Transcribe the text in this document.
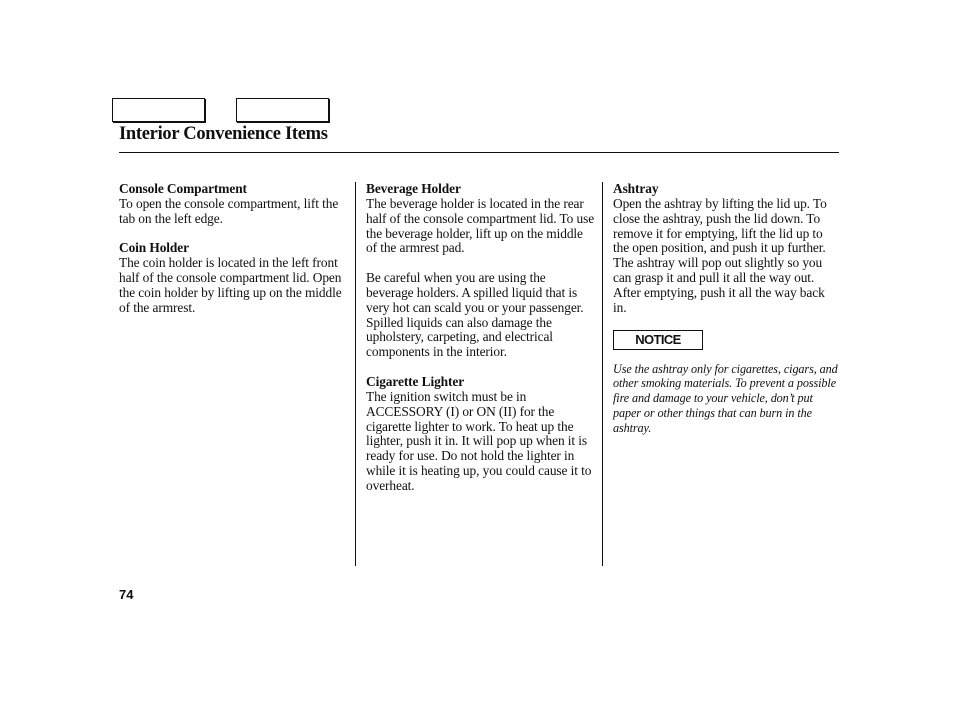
Interior Convenience Items
Console Compartment
To open the console compartment, lift the tab on the left edge.
Coin Holder
The coin holder is located in the left front half of the console compartment lid. Open the coin holder by lifting up on the middle of the armrest.
Beverage Holder
The beverage holder is located in the rear half of the console compartment lid. To use the beverage holder, lift up on the middle of the armrest pad.
Be careful when you are using the beverage holders. A spilled liquid that is very hot can scald you or your passenger. Spilled liquids can also damage the upholstery, carpeting, and electrical components in the interior.
Cigarette Lighter
The ignition switch must be in ACCESSORY (I) or ON (II) for the cigarette lighter to work. To heat up the lighter, push it in. It will pop up when it is ready for use. Do not hold the lighter in while it is heating up, you could cause it to overheat.
Ashtray
Open the ashtray by lifting the lid up. To close the ashtray, push the lid down. To remove it for emptying, lift the lid up to the open position, and push it up further. The ashtray will pop out slightly so you can grasp it and pull it all the way out. After emptying, push it all the way back in.
NOTICE
Use the ashtray only for cigarettes, cigars, and other smoking materials. To prevent a possible fire and damage to your vehicle, don’t put paper or other things that can burn in the ashtray.
74
